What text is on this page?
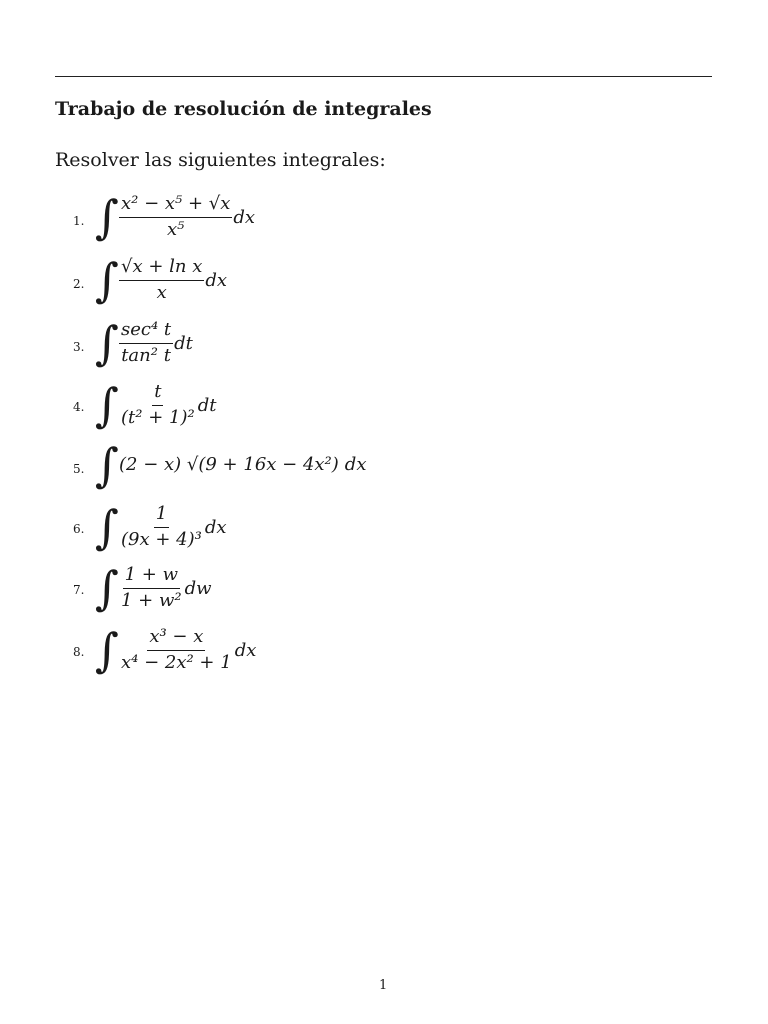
Trabajo de resolución de integrales
Resolver las siguientes integrales:
1. ∫ $\frac{\text{x² − x⁵ + √x}}{\text{x⁵}}$ dx
2. ∫ $\frac{\text{√x + ln x}}{x}$ dx
3. ∫ $\frac{\text{sec⁴ t}}{\text{tan² t}}$ dt
4. ∫ $\frac{t}{\text{(t² + 1)²}}$ dt
5. ∫ (2 − x) √(9 + 16x − 4x²) dx
6. ∫ $\frac{1}{\text{(9x + 4)³}}$ dx
7. ∫ $\frac{1 + w}{\text{1 + w²}}$ dw
8. ∫ $\frac{\text{x³ − x}}{\text{x⁴ − 2x² + 1}}$ dx
1
